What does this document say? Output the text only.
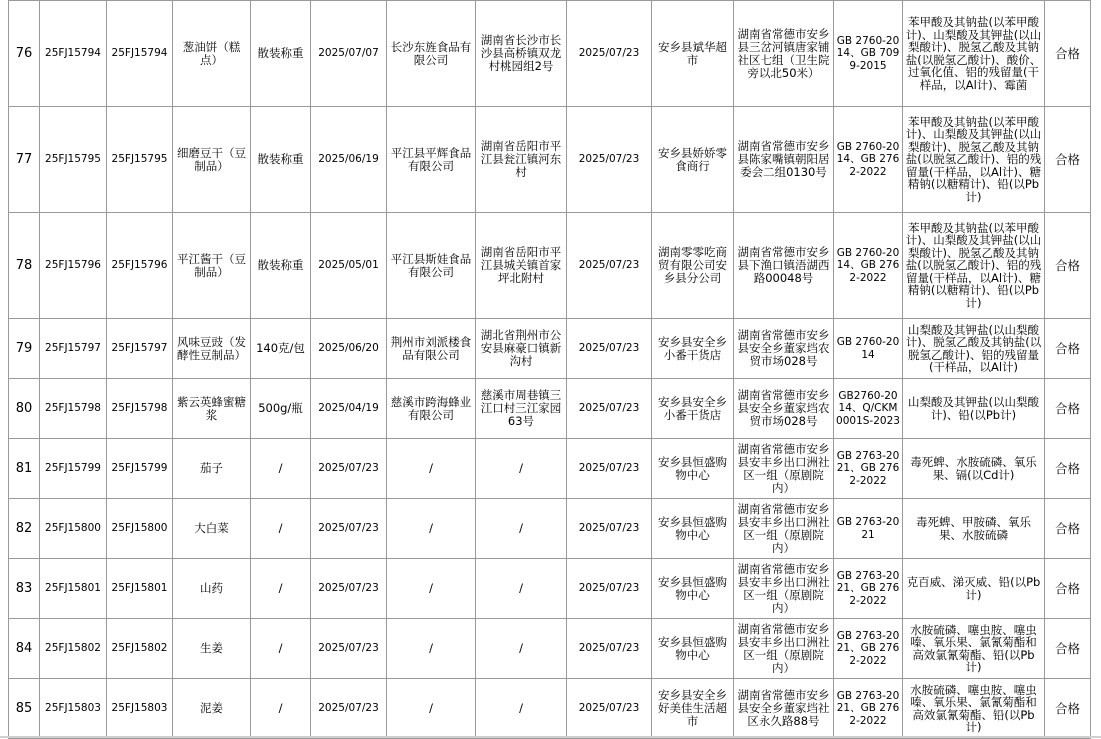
76	25FJ15794	25FJ15794	葱油饼（糕点）	散装称重	2025/07/07	长沙东旌食品有限公司	湖南省长沙市长沙县高桥镇双龙村桃园组2号	2025/07/23	安乡县斌华超市	湖南省常德市安乡县三岔河镇唐家铺社区七组（卫生院旁以北50米）	GB 2760-2014、GB 7099-2015	苯甲酸及其钠盐(以苯甲酸计)、山梨酸及其钾盐(以山梨酸计)、脱氢乙酸及其钠盐(以脱氢乙酸计)、酸价、过氧化值、铝的残留量(干样品，以Al计)、霉菌	合格
77	25FJ15795	25FJ15795	细磨豆干（豆制品）	散装称重	2025/06/19	平江县平辉食品有限公司	湖南省岳阳市平江县瓮江镇河东村	2025/07/23	安乡县娇娇零食商行	湖南省常德市安乡县陈家嘴镇朝阳居委会二组0130号	GB 2760-2014、GB 2762-2022	苯甲酸及其钠盐(以苯甲酸计)、山梨酸及其钾盐(以山梨酸计)、脱氢乙酸及其钠盐(以脱氢乙酸计)、铝的残留量(干样品，以Al计)、糖精钠(以糖精计)、铅(以Pb计)	合格
78	25FJ15796	25FJ15796	平江酱干（豆制品）	散装称重	2025/05/01	平江县斯娃食品有限公司	湖南省岳阳市平江县城关镇首家坪北附村	2025/07/23	湖南零零吃商贸有限公司安乡县分公司	湖南省常德市安乡县下渔口镇浯湖西路00048号	GB 2760-2014、GB 2762-2022	苯甲酸及其钠盐(以苯甲酸计)、山梨酸及其钾盐(以山梨酸计)、脱氢乙酸及其钠盐(以脱氢乙酸计)、铝的残留量(干样品，以Al计)、糖精钠(以糖精计)、铅(以Pb计)	合格
79	25FJ15797	25FJ15797	风味豆豉（发酵性豆制品）	140克/包	2025/06/20	荆州市刘派楼食品有限公司	湖北省荆州市公安县麻豪口镇新沟村	2025/07/23	安乡县安全乡小番干货店	湖南省常德市安乡县安全乡董家垱农贸市场028号	GB 2760-2014	山梨酸及其钾盐(以山梨酸计)、脱氢乙酸及其钠盐(以脱氢乙酸计)、铝的残留量(干样品，以Al计)	合格
80	25FJ15798	25FJ15798	紫云英蜂蜜糖浆	500g/瓶	2025/04/19	慈溪市跨海蜂业有限公司	慈溪市周巷镇三江口村三江家园63号	2025/07/23	安乡县安全乡小番干货店	湖南省常德市安乡县安全乡董家垱农贸市场028号	GB2760-2014、Q/CKM 0001S-2023	山梨酸及其钾盐(以山梨酸计)、铅(以Pb计)	合格
81	25FJ15799	25FJ15799	茄子	/	2025/07/23	/	/	2025/07/23	安乡县恒盛购物中心	湖南省常德市安乡县安丰乡出口洲社区一组（原剧院内）	GB 2763-2021、GB 2762-2022	毒死蜱、水胺硫磷、氧乐果、镉(以Cd计)	合格
82	25FJ15800	25FJ15800	大白菜	/	2025/07/23	/	/	2025/07/23	安乡县恒盛购物中心	湖南省常德市安乡县安丰乡出口洲社区一组（原剧院内）	GB 2763-2021	毒死蜱、甲胺磷、氧乐果、水胺硫磷	合格
83	25FJ15801	25FJ15801	山药	/	2025/07/23	/	/	2025/07/23	安乡县恒盛购物中心	湖南省常德市安乡县安丰乡出口洲社区一组（原剧院内）	GB 2763-2021、GB 2762-2022	克百威、涕灭威、铅(以Pb计)	合格
84	25FJ15802	25FJ15802	生姜	/	2025/07/23	/	/	2025/07/23	安乡县恒盛购物中心	湖南省常德市安乡县安丰乡出口洲社区一组（原剧院内）	GB 2763-2021、GB 2762-2022	水胺硫磷、噻虫胺、噻虫嗪、氧乐果、氯氰菊酯和高效氯氰菊酯、铅(以Pb计)	合格
85	25FJ15803	25FJ15803	泥姜	/	2025/07/23	/	/	2025/07/23	安乡县安全乡好美佳生活超市	湖南省常德市安乡县安全乡董家垱社区永久路88号	GB 2763-2021、GB 2762-2022	水胺硫磷、噻虫胺、噻虫嗪、氧乐果、氯氰菊酯和高效氯氰菊酯、铅(以Pb计)	合格
